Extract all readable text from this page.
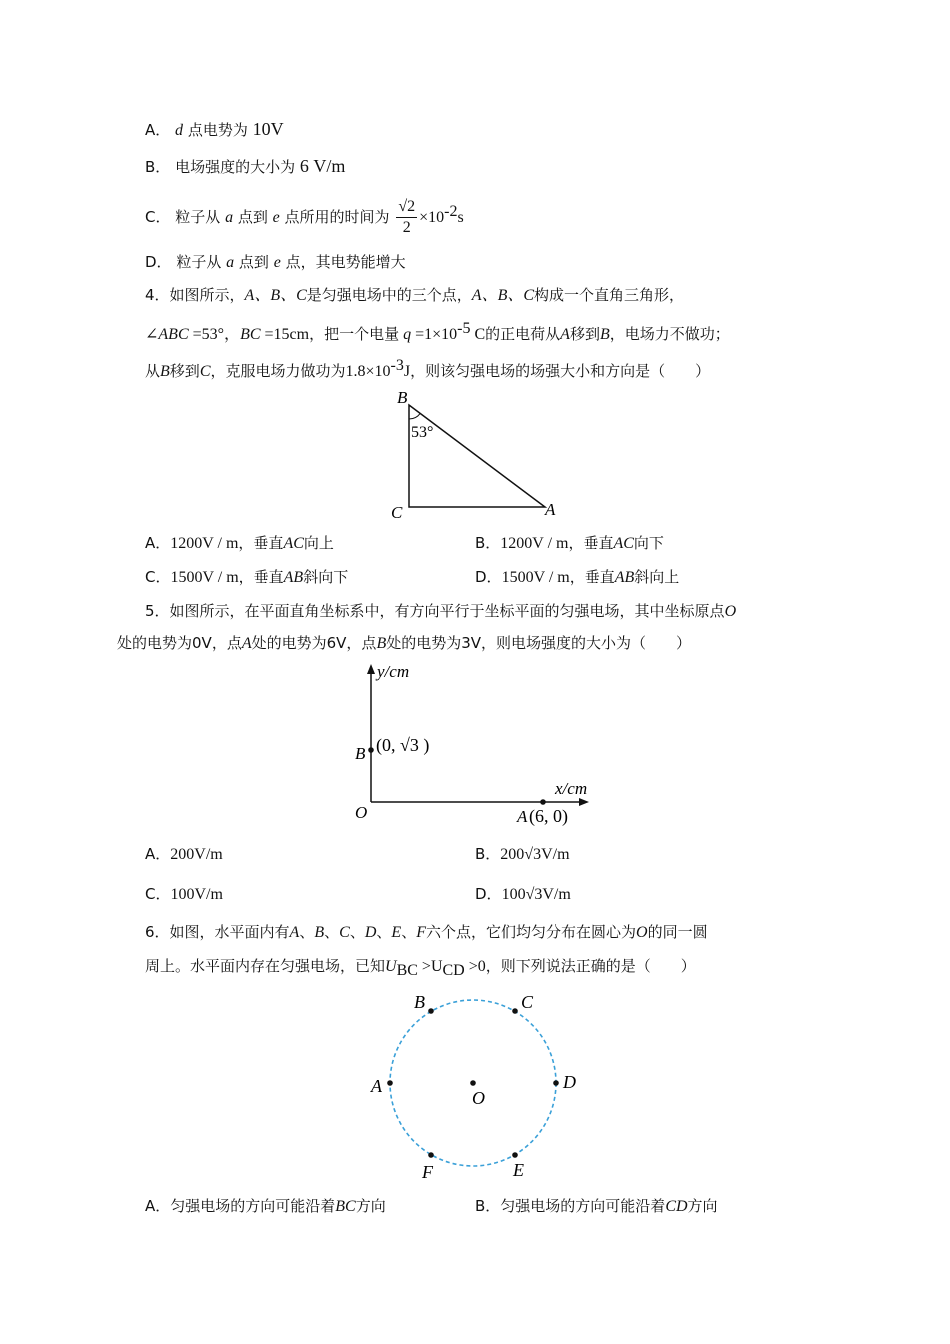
A． d 点电势为 10V
B． 电场强度的大小为 6 V/m
C． 粒子从 a 点到 e 点所用的时间为 $\frac{√2}{2} \times 10^{-2}s$
D． 粒子从 a 点到 e 点，其电势能增大
4．如图所示，A、B、C是匀强电场中的三个点，A、B、C构成一个直角三角形，
∠ABC =53°，BC =15cm，把一个电量 $q =1\times 10^{-5}$ C的正电荷从A移到B，电场力不做功；
从B移到C，克服电场力做功为$1.8\times 10^{-3}J$，则该匀强电场的场强大小和方向是（　　）
B
53°
C	A
A．1200V / m，垂直AC向上	B．1200V / m，垂直AC向下
C．1500V / m，垂直AB斜向下	D．1500V / m，垂直AB斜向上
5．如图所示，在平面直角坐标系中，有方向平行于坐标平面的匀强电场，其中坐标原点O
处的电势为0V，点A处的电势为6V，点B处的电势为3V，则电场强度的大小为（　　）
y/cm
x/cm
O
B (0, √3 )
A (6, 0)
A．200V/m	B．200√3V/m
C．100V/m	D．100√3V/m
6．如图，水平面内有A、B、C、D、E、F六个点，它们均匀分布在圆心为O的同一圆
周上。水平面内存在匀强电场，已知$U_{BC} >U_{CD} >0$，则下列说法正确的是（　　）
B	C
A	D
O
F	E
A．匀强电场的方向可能沿着BC方向	B．匀强电场的方向可能沿着CD方向
